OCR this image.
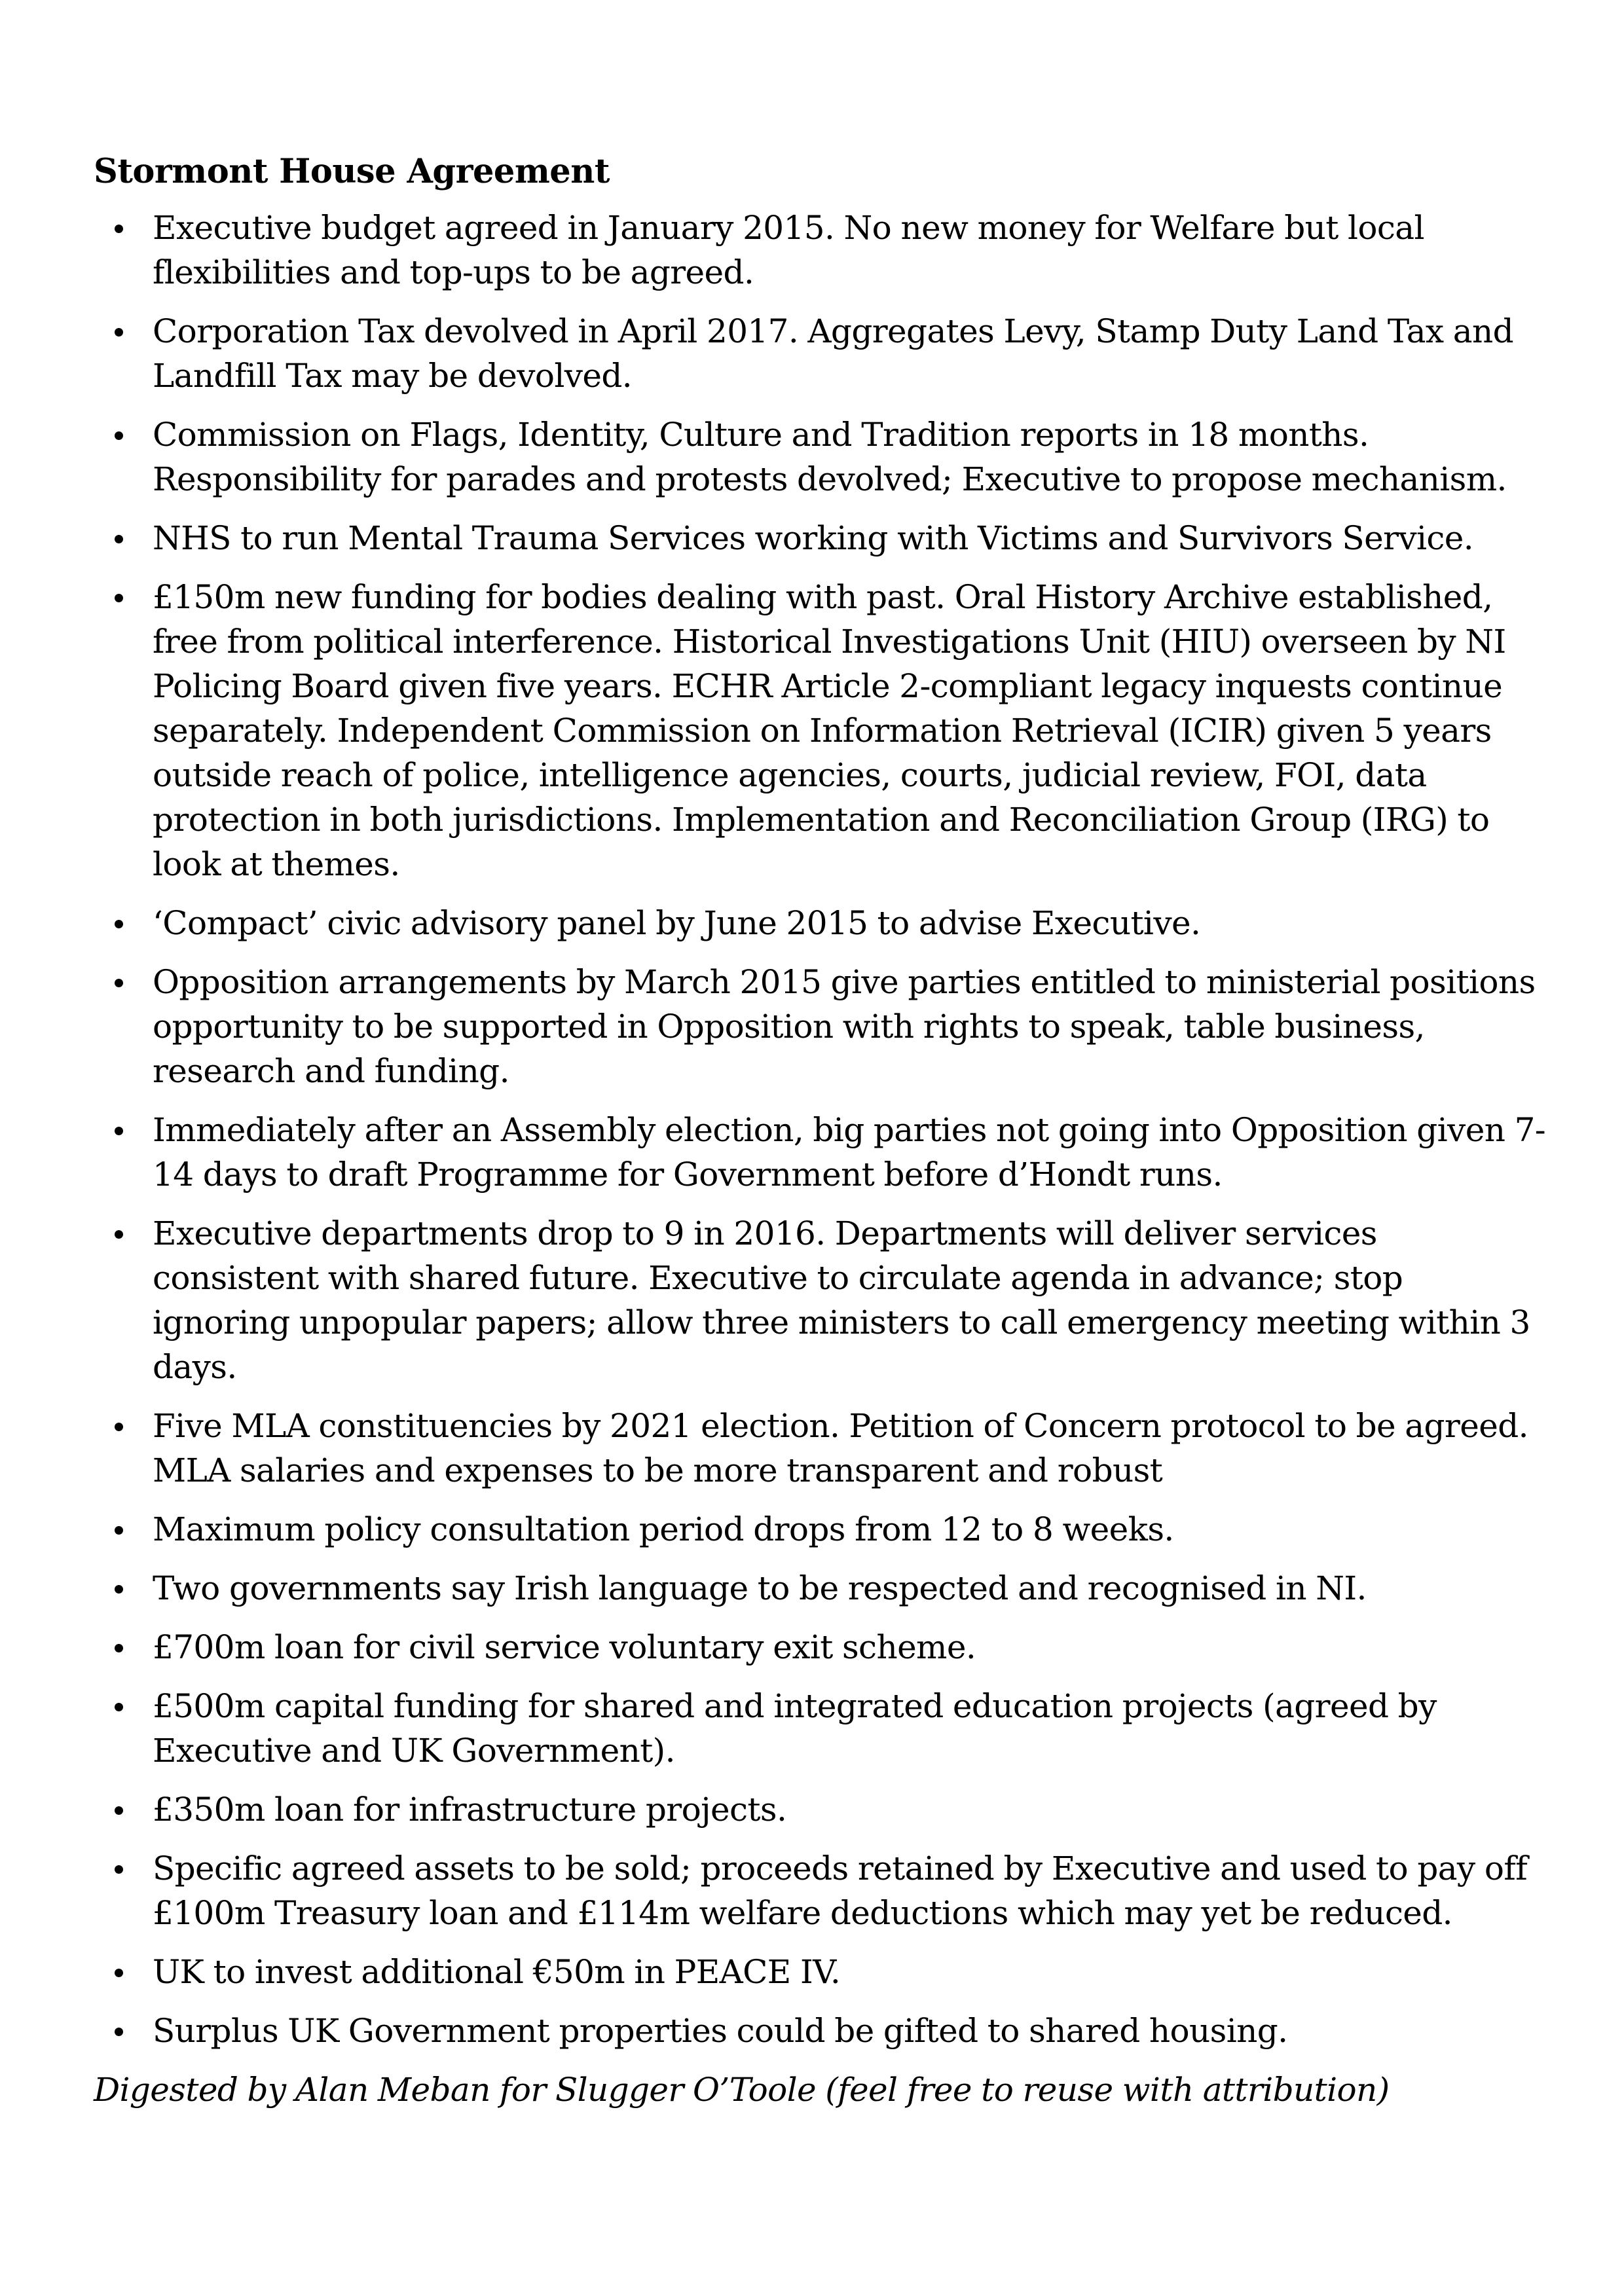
Stormont House Agreement
Executive budget agreed in January 2015. No new money for Welfare but local flexibilities and top-ups to be agreed.
Corporation Tax devolved in April 2017. Aggregates Levy, Stamp Duty Land Tax and Landfill Tax may be devolved.
Commission on Flags, Identity, Culture and Tradition reports in 18 months. Responsibility for parades and protests devolved; Executive to propose mechanism.
NHS to run Mental Trauma Services working with Victims and Survivors Service.
£150m new funding for bodies dealing with past. Oral History Archive established, free from political interference. Historical Investigations Unit (HIU) overseen by NI Policing Board given five years. ECHR Article 2-compliant legacy inquests continue separately. Independent Commission on Information Retrieval (ICIR) given 5 years outside reach of police, intelligence agencies, courts, judicial review, FOI, data protection in both jurisdictions. Implementation and Reconciliation Group (IRG) to look at themes.
‘Compact’ civic advisory panel by June 2015 to advise Executive.
Opposition arrangements by March 2015 give parties entitled to ministerial positions opportunity to be supported in Opposition with rights to speak, table business, research and funding.
Immediately after an Assembly election, big parties not going into Opposition given 7-14 days to draft Programme for Government before d’Hondt runs.
Executive departments drop to 9 in 2016. Departments will deliver services consistent with shared future. Executive to circulate agenda in advance; stop ignoring unpopular papers; allow three ministers to call emergency meeting within 3 days.
Five MLA constituencies by 2021 election. Petition of Concern protocol to be agreed. MLA salaries and expenses to be more transparent and robust
Maximum policy consultation period drops from 12 to 8 weeks.
Two governments say Irish language to be respected and recognised in NI.
£700m loan for civil service voluntary exit scheme.
£500m capital funding for shared and integrated education projects (agreed by Executive and UK Government).
£350m loan for infrastructure projects.
Specific agreed assets to be sold; proceeds retained by Executive and used to pay off £100m Treasury loan and £114m welfare deductions which may yet be reduced.
UK to invest additional €50m in PEACE IV.
Surplus UK Government properties could be gifted to shared housing.

Digested by Alan Meban for Slugger O’Toole (feel free to reuse with attribution)
